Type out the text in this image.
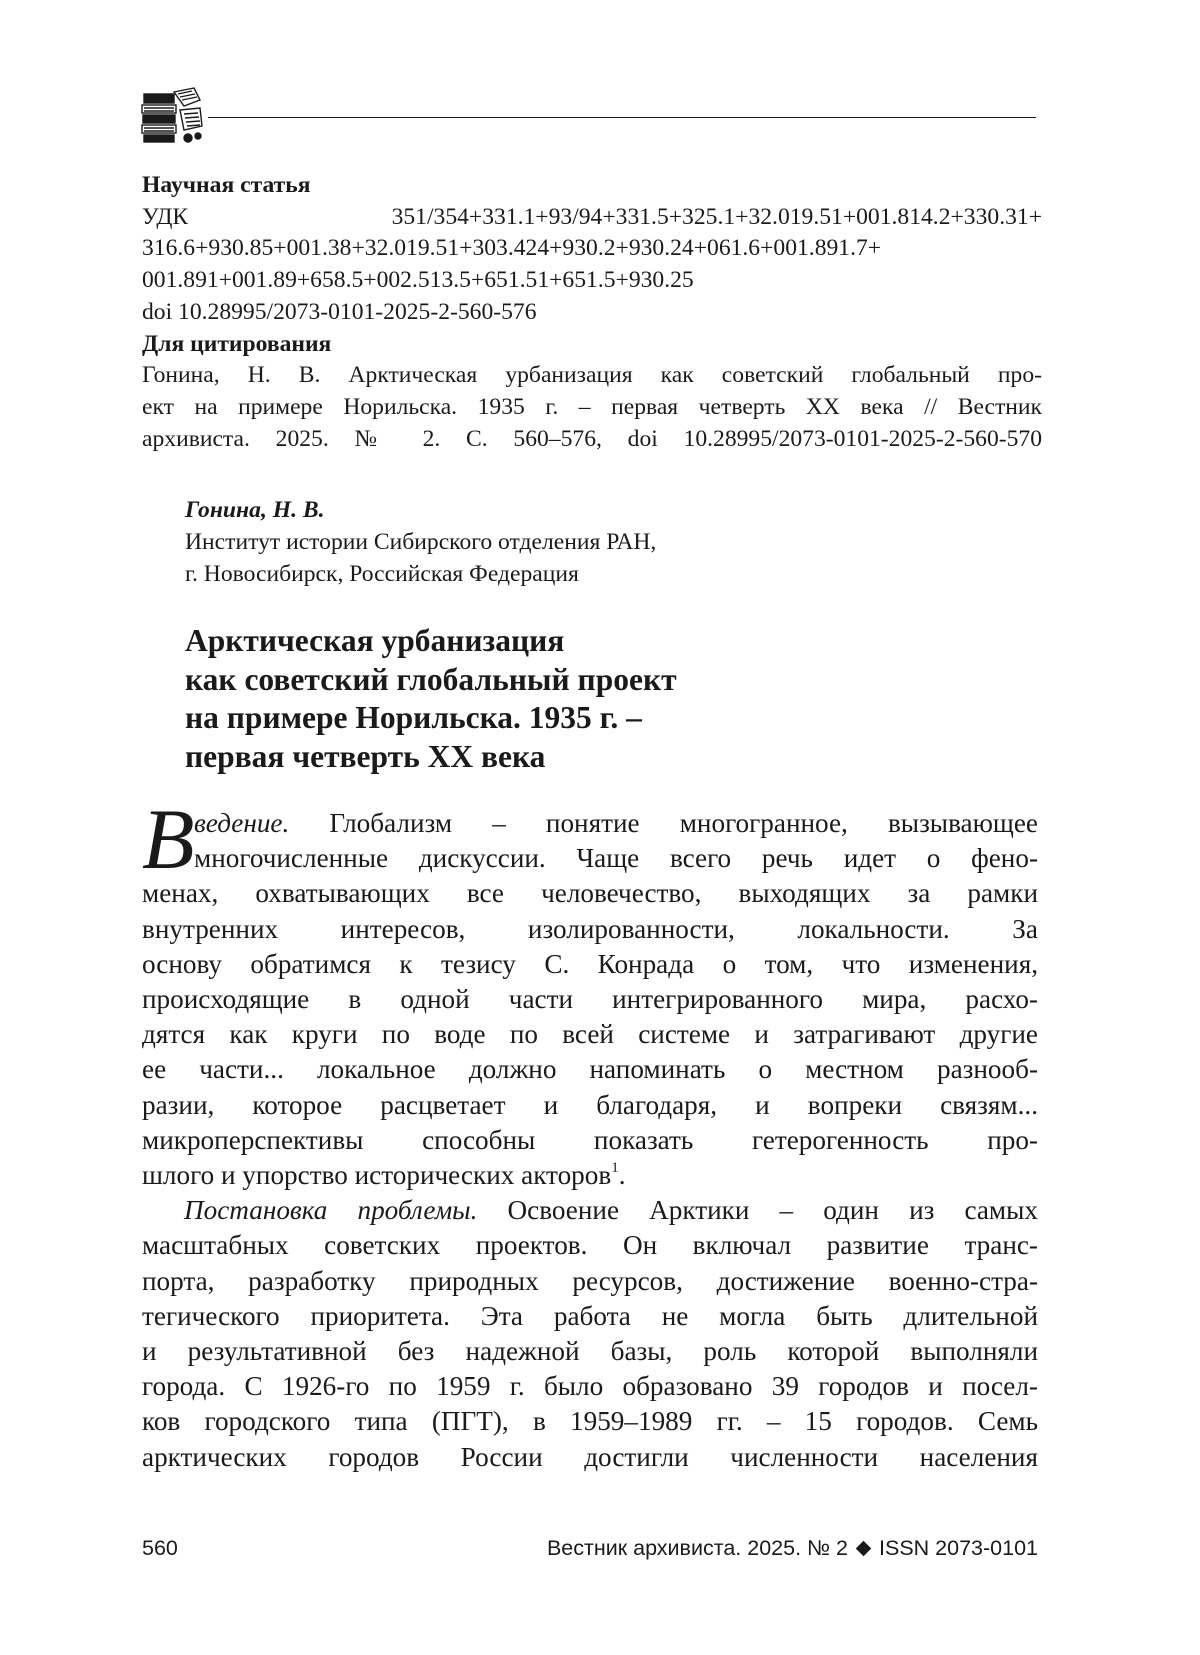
Научная статья
УДК 351/354+331.1+93/94+331.5+325.1+32.019.51+001.814.2+330.31+
316.6+930.85+001.38+32.019.51+303.424+930.2+930.24+061.6+001.891.7+
001.891+001.89+658.5+002.513.5+651.51+651.5+930.25
doi 10.28995/2073-0101-2025-2-560-576
Для цитирования
Гонина, Н. В. Арктическая урбанизация как советский глобальный про-
ект на примере Норильска. 1935 г. – первая четверть XX века // Вестник
архивиста. 2025. № 2. С. 560–576, doi 10.28995/2073-0101-2025-2-560-570
Гонина, Н. В.
Институт истории Сибирского отделения РАН,
г. Новосибирск, Российская Федерация
Арктическая урбанизация
как советский глобальный проект
на примере Норильска. 1935 г. –
первая четверть XX века
В ведение. Глобализм – понятие многогранное, вызывающее
многочисленные дискуссии. Чаще всего речь идет о фено-
менах, охватывающих все человечество, выходящих за рамки
внутренних интересов, изолированности, локальности. За
основу обратимся к тезису С. Конрада о том, что изменения,
происходящие в одной части интегрированного мира, расхо-
дятся как круги по воде по всей системе и затрагивают другие
ее части... локальное должно напоминать о местном разнооб-
разии, которое расцветает и благодаря, и вопреки связям...
микроперспективы способны показать гетерогенность про-
шлого и упорство исторических акторов$^1$.
Постановка проблемы. Освоение Арктики – один из самых
масштабных советских проектов. Он включал развитие транс-
порта, разработку природных ресурсов, достижение военно-стра-
тегического приоритета. Эта работа не могла быть длительной
и результативной без надежной базы, роль которой выполняли
города. С 1926-го по 1959 г. было образовано 39 городов и посел-
ков городского типа (ПГТ), в 1959–1989 гг. – 15 городов. Семь
арктических городов России достигли численности населения
560	Вестник архивиста. 2025. № 2 ISSN 2073-0101
